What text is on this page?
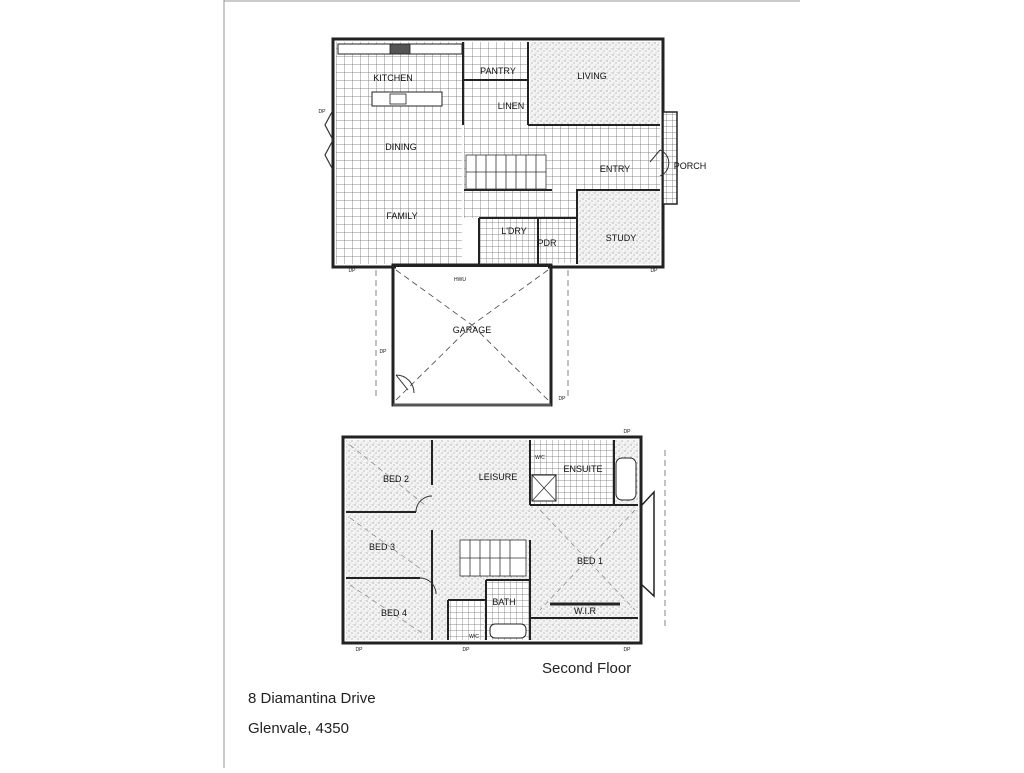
KITCHEN
PANTRY	LIVING
LINEN
DINING
ENTRY	PORCH
FAMILY
L'DRY
PDR	STUDY
GARAGE
HWU
DP
DP	DP
DP
DP
BED 2	LEISURE
W/C
ENSUITE
BED 3
BED 1
BED 4
BATH
W.I.R
W/C
DP
DP	DP	DP
Second Floor
8 Diamantina Drive
Glenvale, 4350
